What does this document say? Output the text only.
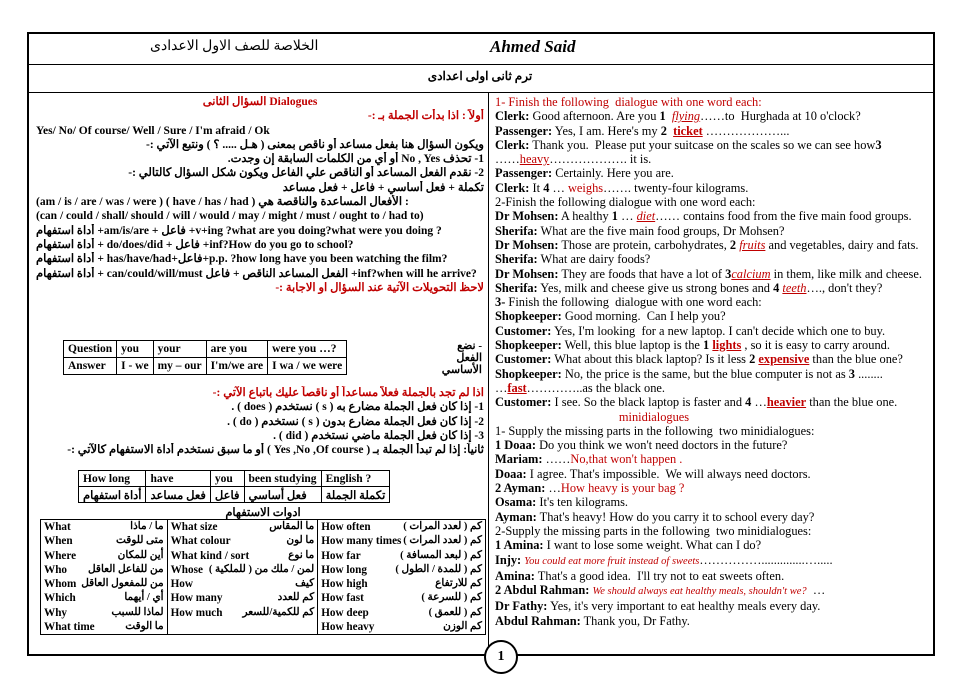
الخلاصة للصف الاول الاعدادى	Ahmed Said
ترم ثانى اولى اعدادى
السؤال الثانى Dialogues
أولاً : اذا بدأت الجملة بـ :-
Yes/ No/ Of course/ Well / Sure / I'm afraid / Ok
ويكون السؤال هنا بفعل مساعد أو ناقص بمعنى ( هـل ..... ؟ ) ونتبع الآتي :-
1- تحذف No , Yes أو أي من الكلمات السابقة إن وجدت.
2- نقدم الفعل المساعد أو الناقص علي الفاعل ويكون شكل السؤال كالتالي :-
تكملة + فعل أساسي + فاعل + فعل مساعد
(am / is / are / was / were ) ( have / has / had ) الأفعال المساعدة والناقصة هي :
(can / could / shall/ should / will / would / may / might / must / ought to / had to)
أداة استفهام +am/is/are + فاعل +v+ing ?what are you doing?what were you doing ?
أداة استفهام + do/does/did + فاعل +inf?How do you go to school?
أداة استفهام + has/have/had+فاعل+p.p. ?how long have you been watching the film?
أداة استفهام + can/could/will/must الفعل المساعد الناقص + فاعل +inf?when will he arrive?
لاحظ التحويلات الآتية عند السؤال او الاجابة :-
اذا لم تجد بالجملة فعلاً مساعداً أو ناقصاً عليك باتباع الآتي :-
1- إذا كان فعل الجملة مضارع به ( s ) نستخدم ( does ) .
2- إذا كان فعل الجملة مضارع بدون ( s ) نستخدم ( do ) .
3- إذا كان فعل الجملة ماضي نستخدم ( did ) .
ثانياً: إذا لم تبدأ الجملة بـ ( Yes ,No ,Of course ) أو ما سبق نستخدم أداة الاستفهام كالآتي :-
- نضع الفعل الأساسي
Question	you	your	are you	were you …?
Answer	I - we	my – our	I'm/we are	I wa / we were
How long	have	you	been studying	English ?
أداة استفهام	فعل مساعد	فاعل	فعل أساسي	تكملة الجملة
ادوات الاستفهام
What	ما / ماذا
When	متى للوقت
Where	أين للمكان
Who من للفاعل العاقل
Whom من للمفعول العاقل
Which	أي / أيهما
Why	لماذا للسبب
What time	ما الوقت

What size	ما المقاس
What colour	ما لون
What kind / sort	ما نوع
Whose لمن / ملك من ( للملكية )
How	كيف
How many	كم للعدد
How much كم للكمية/للسعر

How often	كم ( لعدد المرات )
How many times كم ( لعدد المرات )
How far	كم ( لبعد المسافة )
How long	كم ( للمدة / الطول )
How high	كم للارتفاع
How fast	كم ( للسرعة )
How deep	كم ( للعمق )
How heavy	كم الوزن
1- Finish the following  dialogue with one word each:
Clerk: Good afternoon. Are you 1 flying……to  Hurghada at 10 o'clock?
Passenger: Yes, I am. Here's my 2 ticket ………………...
Clerk: Thank you.  Please put your suitcase on the scales so we can see how3
……heavy………………. it is.
Passenger: Certainly. Here you are.
Clerk: It 4 … weighs……. twenty-four kilograms.
2-Finish the following dialogue with one word each:
Dr Mohsen: A healthy 1 … diet…… contains food from the five main food groups.
Sherifa: What are the five main food groups, Dr Mohsen?
Dr Mohsen: Those are protein, carbohydrates, 2 fruits and vegetables, dairy and fats.
Sherifa: What are dairy foods?
Dr Mohsen: They are foods that have a lot of 3calcium in them, like milk and cheese.
Sherifa: Yes, milk and cheese give us strong bones and 4 teeth…., don't they?
3- Finish the following  dialogue with one word each:
Shopkeeper: Good morning.  Can I help you?
Customer: Yes, I'm looking  for a new laptop. I can't decide which one to buy.
Shopkeeper: Well, this blue laptop is the 1 lights , so it is easy to carry around.
Customer: What about this black laptop? Is it less 2 expensive than the blue one?
Shopkeeper: No, the price is the same, but the blue computer is not as 3 ........
…fast…………..as the black one.
Customer: I see. So the black laptop is faster and 4 …heavier than the blue one.
minidialogues
1- Supply the missing parts in the following  two minidialogues:
1 Doaa: Do you think we won't need doctors in the future?
Mariam: ……No,that won't happen .
Doaa: I agree. That's impossible.  We will always need doctors.
2 Ayman: …How heavy is your bag ?
Osama: It's ten kilograms.
Ayman: That's heavy! How do you carry it to school every day?
2-Supply the missing parts in the following  two minidialogues:
1 Amina: I want to lose some weight. What can I do?
Injy: You could eat more fruit instead of sweets……………..............….....
Amina: That's a good idea.  I'll try not to eat sweets often.
2 Abdul Rahman: We should always eat healthy meals, shouldn't we?  …
Dr Fathy: Yes, it's very important to eat healthy meals every day.
Abdul Rahman: Thank you, Dr Fathy.
1
